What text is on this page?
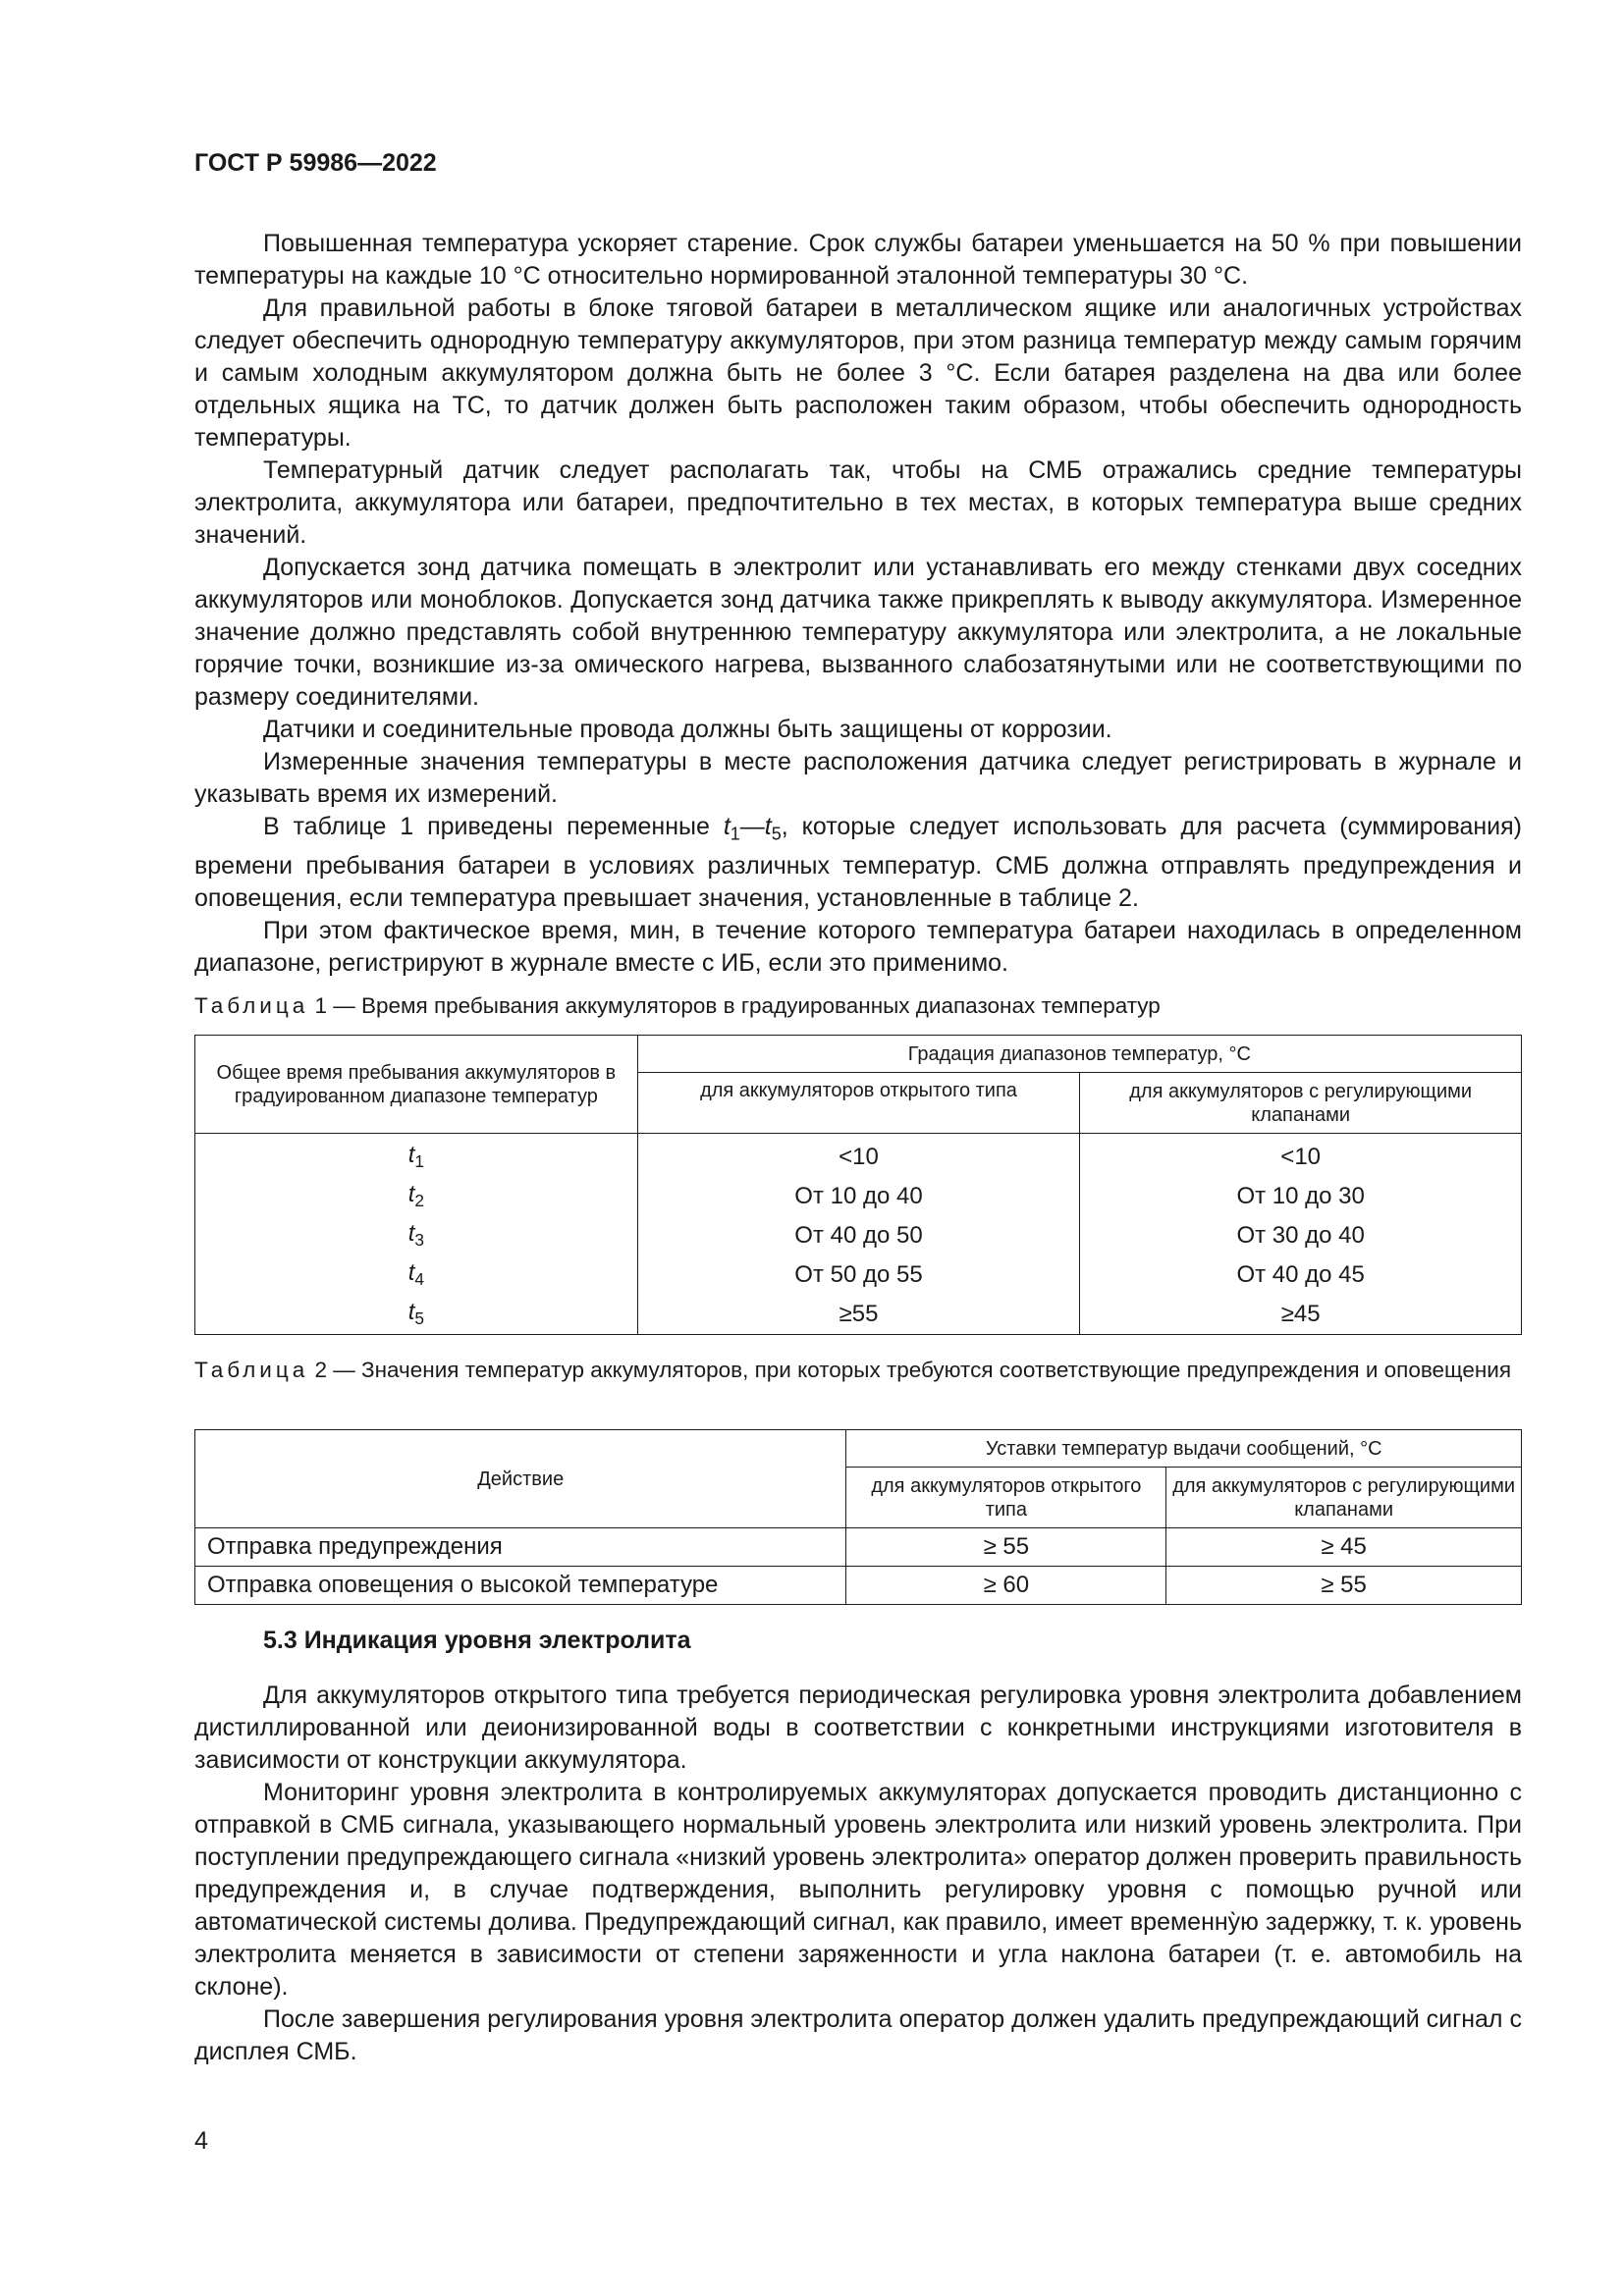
ГОСТ Р 59986—2022

Повышенная температура ускоряет старение. Срок службы батареи уменьшается на 50 % при повышении температуры на каждые 10 °С относительно нормированной эталонной температуры 30 °С.

Для правильной работы в блоке тяговой батареи в металлическом ящике или аналогичных устройствах следует обеспечить однородную температуру аккумуляторов, при этом разница температур между самым горячим и самым холодным аккумулятором должна быть не более 3 °С. Если батарея разделена на два или более отдельных ящика на ТС, то датчик должен быть расположен таким образом, чтобы обеспечить однородность температуры.

Температурный датчик следует располагать так, чтобы на СМБ отражались средние температуры электролита, аккумулятора или батареи, предпочтительно в тех местах, в которых температура выше средних значений.

Допускается зонд датчика помещать в электролит или устанавливать его между стенками двух соседних аккумуляторов или моноблоков. Допускается зонд датчика также прикреплять к выводу аккумулятора. Измеренное значение должно представлять собой внутреннюю температуру аккумулятора или электролита, а не локальные горячие точки, возникшие из-за омического нагрева, вызванного слабозатянутыми или не соответствующими по размеру соединителями.

Датчики и соединительные провода должны быть защищены от коррозии.

Измеренные значения температуры в месте расположения датчика следует регистрировать в журнале и указывать время их измерений.

В таблице 1 приведены переменные $t_1—t_5$, которые следует использовать для расчета (суммирования) времени пребывания батареи в условиях различных температур. СМБ должна отправлять предупреждения и оповещения, если температура превышает значения, установленные в таблице 2.

При этом фактическое время, мин, в течение которого температура батареи находилась в определенном диапазоне, регистрируют в журнале вместе с ИБ, если это применимо.

Таблица 1 — Время пребывания аккумуляторов в градуированных диапазонах температур
Общее время пребывания аккумуляторов в градуированном диапазоне температур	Градация диапазонов температур, °С	
	для аккумуляторов открытого типа	для аккумуляторов с регулирующими клапанами
$t_1$	<10	<10
$t_2$	От 10 до 40	От 10 до 30
$t_3$	От 40 до 50	От 30 до 40
$t_4$	От 50 до 55	От 40 до 45
$t_5$	≥55	≥45
Таблица 2 — Значения температур аккумуляторов, при которых требуются соответствующие предупреждения и оповещения
Действие	Уставки температур выдачи сообщений, °С	
	для аккумуляторов открытого типа	для аккумуляторов с регулирующими клапанами
Отправка предупреждения	≥ 55	≥ 45
Отправка оповещения о высокой температуре	≥ 60	≥ 55
5.3 Индикация уровня электролита

Для аккумуляторов открытого типа требуется периодическая регулировка уровня электролита добавлением дистиллированной или деионизированной воды в соответствии с конкретными инструкциями изготовителя в зависимости от конструкции аккумулятора.

Мониторинг уровня электролита в контролируемых аккумуляторах допускается проводить дистанционно с отправкой в СМБ сигнала, указывающего нормальный уровень электролита или низкий уровень электролита. При поступлении предупреждающего сигнала «низкий уровень электролита» оператор должен проверить правильность предупреждения и, в случае подтверждения, выполнить регулировку уровня с помощью ручной или автоматической системы долива. Предупреждающий сигнал, как правило, имеет временну̀ю задержку, т. к. уровень электролита меняется в зависимости от степени заряженности и угла наклона батареи (т. е. автомобиль на склоне).

После завершения регулирования уровня электролита оператор должен удалить предупреждающий сигнал с дисплея СМБ.

4
